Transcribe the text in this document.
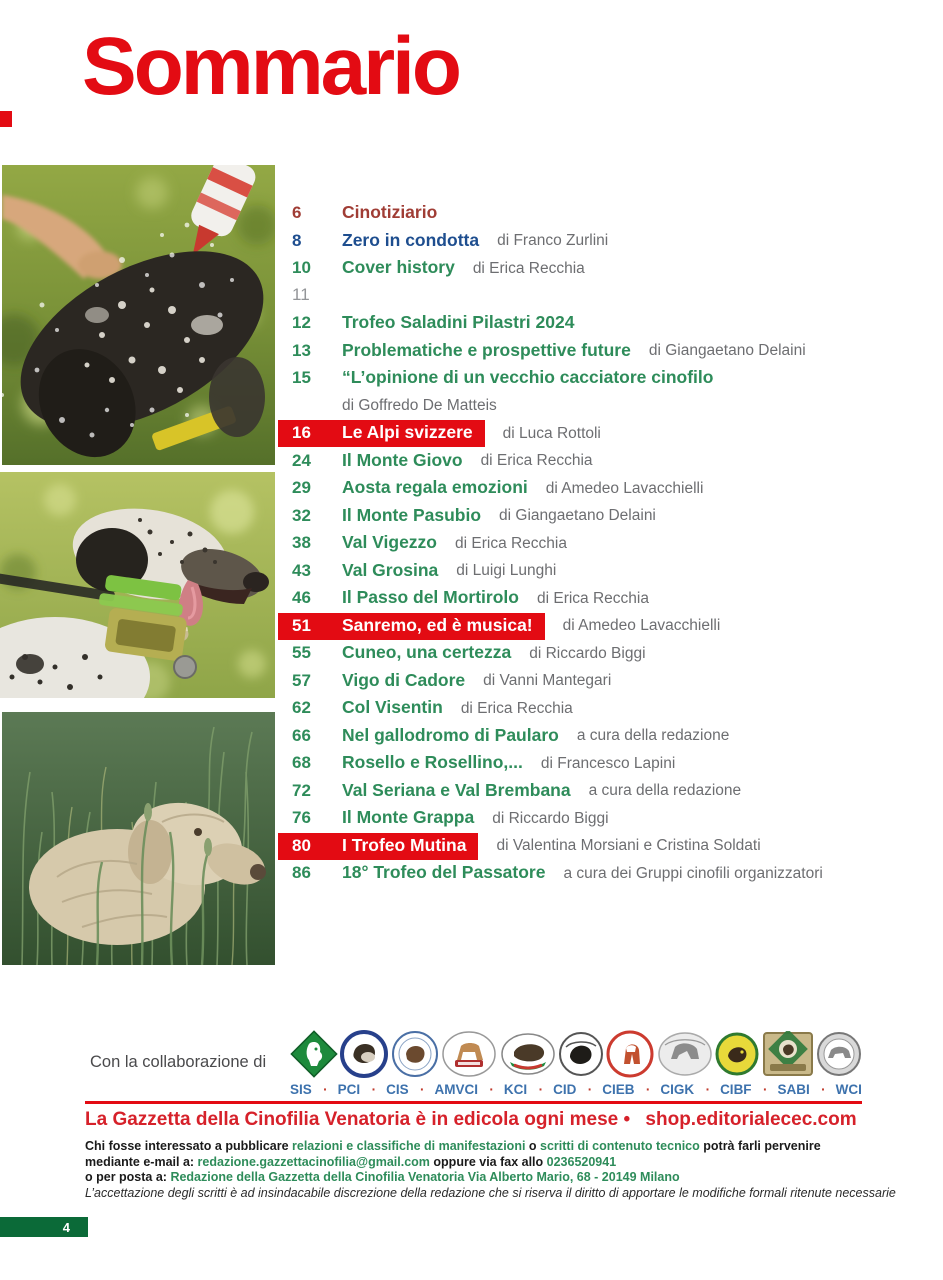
Sommario
6	Cinotiziario
8	Zero in condotta di Franco Zurlini
10	Cover history di Erica Recchia
11
12	Trofeo Saladini Pilastri 2024
13	Problematiche e prospettive future di Giangaetano Delaini
15	“L’opinione di un vecchio cacciatore cinofilo
di Goffredo De Matteis
16	Le Alpi svizzere di Luca Rottoli
24	Il Monte Giovo di Erica Recchia
29	Aosta regala emozioni di Amedeo Lavacchielli
32	Il Monte Pasubio di Giangaetano Delaini
38	Val Vigezzo di Erica Recchia
43	Val Grosina di Luigi Lunghi
46	Il Passo del Mortirolo di Erica Recchia
51	Sanremo, ed è musica! di Amedeo Lavacchielli
55	Cuneo, una certezza di Riccardo Biggi
57	Vigo di Cadore di Vanni Mantegari
62	Col Visentin di Erica Recchia
66	Nel gallodromo di Paularo a cura della redazione
68	Rosello e Rosellino,... di Francesco Lapini
72	Val Seriana e Val Brembana a cura della redazione
76	Il Monte Grappa di Riccardo Biggi
80	I Trofeo Mutina di Valentina Morsiani e Cristina Soldati
86	18° Trofeo del Passatore a cura dei Gruppi cinofili organizzatori
Con la collaborazione di
SIS	· PCI	· CIS	· AMVCI	· KCI	· CID	· CIEB	· CIGK	· CIBF	· SABI	· WCI
La Gazzetta della Cinofilia Venatoria è in edicola ogni mese • shop.editorialecec.com
Chi fosse interessato a pubblicare relazioni e classifiche di manifestazioni o scritti di contenuto tecnico potrà farli pervenire
mediante e-mail a: redazione.gazzettacinofilia@gmail.com oppure via fax allo 0236520941
o per posta a: Redazione della Gazzetta della Cinofilia Venatoria Via Alberto Mario, 68 - 20149 Milano
L’accettazione degli scritti è ad insindacabile discrezione della redazione che si riserva il diritto di apportare le modifiche formali ritenute necessarie
4
